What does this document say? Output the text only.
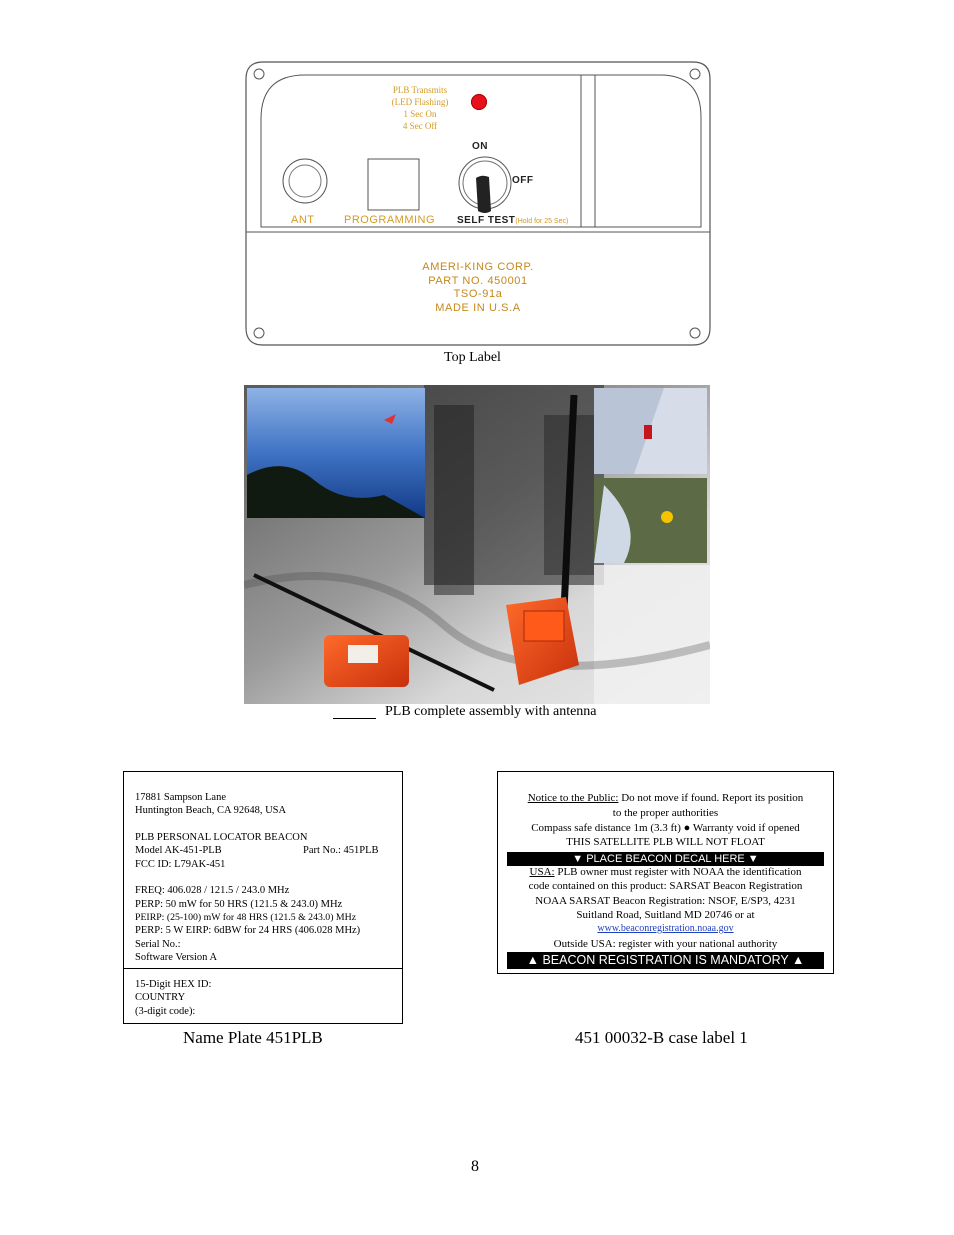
PLB Transmits
(LED Flashing)
1 Sec On
4 Sec Off
ON
OFF
ANT	PROGRAMMING SELF TEST(Hold for 25 Sec)
AMERI-KING CORP.
PART NO. 450001
TSO-91a
MADE IN U.S.A
Top Label
PLB complete assembly with antenna
17881 Sampson Lane
Huntington Beach, CA 92648, USA
PLB PERSONAL LOCATOR BEACON
Model AK-451-PLB	Part No.: 451PLB
FCC ID: L79AK-451
FREQ: 406.028 / 121.5 / 243.0 MHz
PERP: 50 mW for 50 HRS (121.5 & 243.0) MHz
PEIRP: (25-100) mW for 48 HRS (121.5 & 243.0) MHz
PERP: 5 W EIRP: 6dBW for 24 HRS (406.028 MHz)
Serial No.:
Software Version A
15-Digit HEX ID:
COUNTRY
(3-digit code):
Notice to the Public: Do not move if found. Report its position
to the proper authorities
Compass safe distance 1m (3.3 ft) ● Warranty void if opened
THIS SATELLITE PLB WILL NOT FLOAT
▼ PLACE BEACON DECAL HERE ▼
USA: PLB owner must register with NOAA the identification
code contained on this product: SARSAT Beacon Registration
NOAA SARSAT Beacon Registration: NSOF, E/SP3, 4231
Suitland Road, Suitland MD 20746 or at
www.beaconregistration.noaa.gov
Outside USA: register with your national authority
▲ BEACON REGISTRATION IS MANDATORY ▲
Name Plate 451PLB	451 00032-B case label 1
8
